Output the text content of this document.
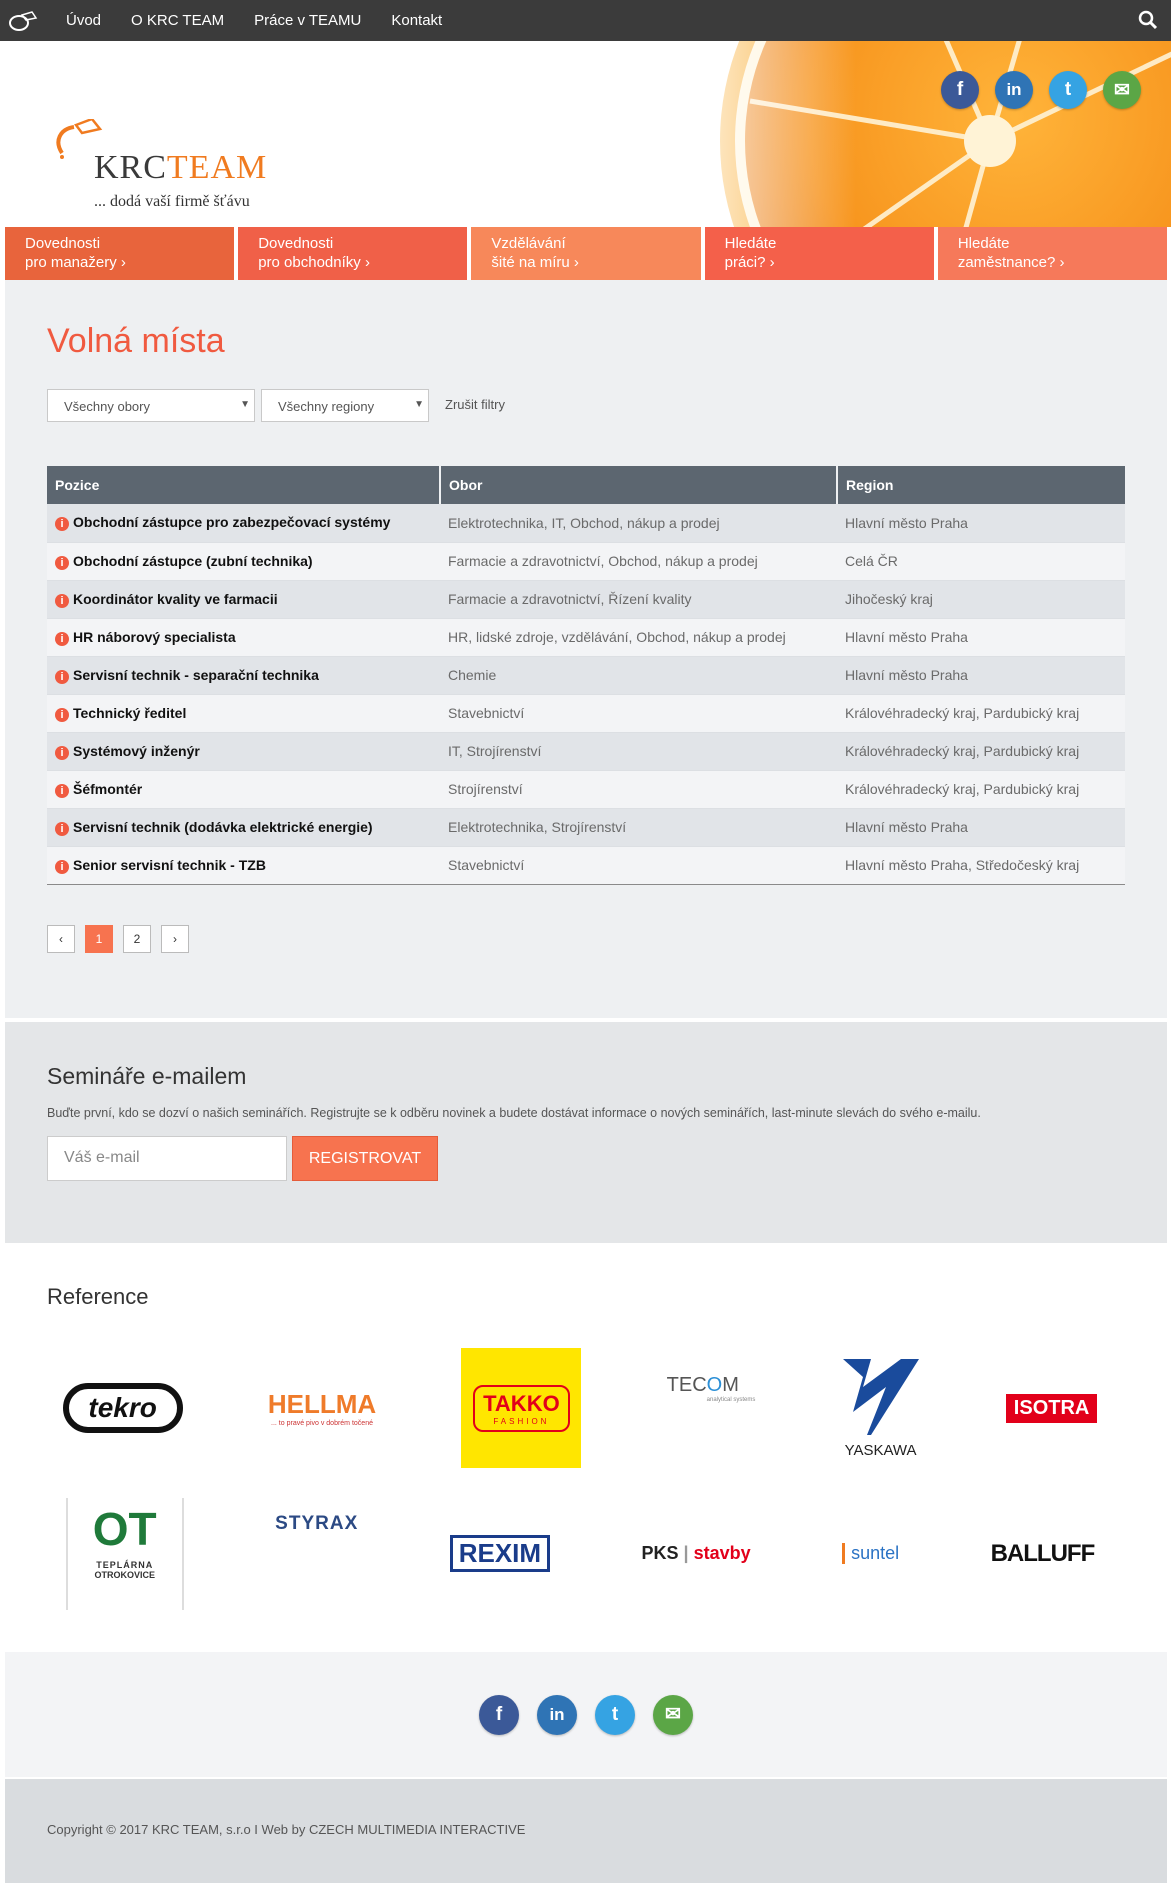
Úvod O KRC TEAM Práce v TEAMU Kontakt
KRCTEAM
... dodá vaší firmě šťávu
f	in	t	✉
Dovednosti
pro manažery ›
Dovednosti
pro obchodníky ›
Vzdělávání
šité na míru ›
Hledáte
práci? ›
Hledáte
zaměstnance? ›
Volná místa
Všechny obory	▼	Všechny regiony	▼ Zrušit filtry
Pozice	Obor	Region
i Obchodní zástupce pro zabezpečovací systémy	Elektrotechnika, IT, Obchod, nákup a prodej	Hlavní město Praha
i Obchodní zástupce (zubní technika)	Farmacie a zdravotnictví, Obchod, nákup a prodej	Celá ČR
i Koordinátor kvality ve farmacii	Farmacie a zdravotnictví, Řízení kvality	Jihočeský kraj
i HR náborový specialista	HR, lidské zdroje, vzdělávání, Obchod, nákup a prodej	Hlavní město Praha
i Servisní technik - separační technika	Chemie	Hlavní město Praha
i Technický ředitel	Stavebnictví	Královéhradecký kraj, Pardubický kraj
i Systémový inženýr	IT, Strojírenství	Královéhradecký kraj, Pardubický kraj
i Šéfmontér	Strojírenství	Královéhradecký kraj, Pardubický kraj
i Servisní technik (dodávka elektrické energie)	Elektrotechnika, Strojírenství	Hlavní město Praha
i Senior servisní technik - TZB	Stavebnictví	Hlavní město Praha, Středočeský kraj
‹	1	2	›
Semináře e-mailem

Buďte první, kdo se dozví o našich seminářích. Registrujte se k odběru novinek a budete dostávat informace o nových seminářích, last-minute slevách do svého e-mailu.

Váš e-mail	REGISTROVAT
Reference
tekro	HELLMA
... to pravé pivo v dobrém točené
TAKKO
FASHION
TECOM
analytical systems
YASKAWA
ISOTRA
OT
TEPLÁRNA
OTROKOVICE
STYRAX
REXIM	PKS | stavby	suntel	BALLUFF
f	in	t	✉
Copyright © 2017 KRC TEAM, s.r.o I Web by CZECH MULTIMEDIA INTERACTIVE
